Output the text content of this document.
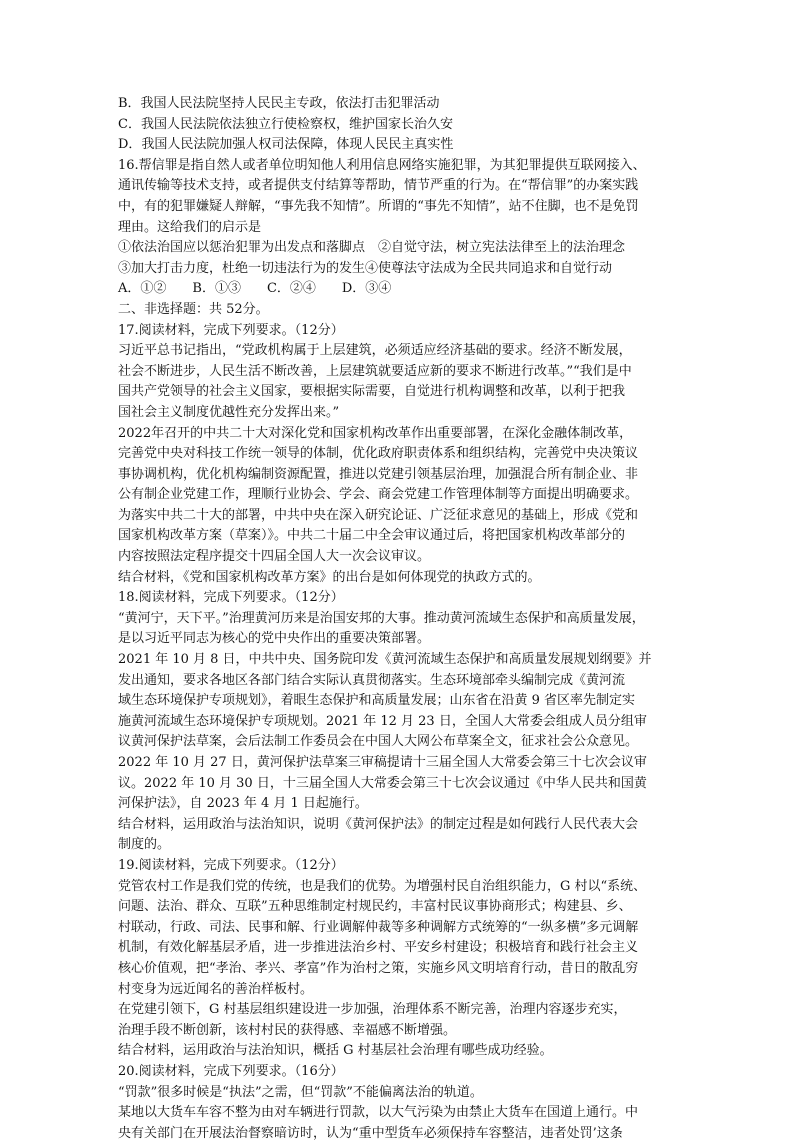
B．我国人民法院坚持人民民主专政，依法打击犯罪活动
C．我国人民法院依法独立行使检察权，维护国家长治久安
D．我国人民法院加强人权司法保障，体现人民民主真实性
16.帮信罪是指自然人或者单位明知他人利用信息网络实施犯罪，为其犯罪提供互联网接入、
通讯传输等技术支持，或者提供支付结算等帮助，情节严重的行为。在“帮信罪”的办案实践
中，有的犯罪嫌疑人辩解，“事先我不知情”。所谓的“事先不知情”，站不住脚，也不是免罚
理由。这给我们的启示是
①依法治国应以惩治犯罪为出发点和落脚点　②自觉守法，树立宪法法律至上的法治理念
③加大打击力度，杜绝一切违法行为的发生④使尊法守法成为全民共同追求和自觉行动
A．①②　　B．①③　　C．②④　　D．③④
二、非选择题：共 52分。
17.阅读材料，完成下列要求。（12分）
习近平总书记指出，“党政机构属于上层建筑，必须适应经济基础的要求。经济不断发展，
社会不断进步，人民生活不断改善，上层建筑就要适应新的要求不断进行改革。”“我们是中
国共产党领导的社会主义国家，要根据实际需要，自觉进行机构调整和改革，以利于把我
国社会主义制度优越性充分发挥出来。”
2022年召开的中共二十大对深化党和国家机构改革作出重要部署，在深化金融体制改革，
完善党中央对科技工作统一领导的体制，优化政府职责体系和组织结构，完善党中央决策议
事协调机构，优化机构编制资源配置，推进以党建引领基层治理，加强混合所有制企业、非
公有制企业党建工作，理顺行业协会、学会、商会党建工作管理体制等方面提出明确要求。
为落实中共二十大的部署，中共中央在深入研究论证、广泛征求意见的基础上，形成《党和
国家机构改革方案（草案）》。中共二十届二中全会审议通过后，将把国家机构改革部分的
内容按照法定程序提交十四届全国人大一次会议审议。
结合材料，《党和国家机构改革方案》的出台是如何体现党的执政方式的。
18.阅读材料，完成下列要求。（12分）
“黄河宁，天下平。”治理黄河历来是治国安邦的大事。推动黄河流域生态保护和高质量发展，
是以习近平同志为核心的党中央作出的重要决策部署。
2021 年 10 月 8 日，中共中央、国务院印发《黄河流域生态保护和高质量发展规划纲要》并
发出通知，要求各地区各部门结合实际认真贯彻落实。生态环境部牵头编制完成《黄河流
域生态环境保护专项规划》，着眼生态保护和高质量发展；山东省在沿黄 9 省区率先制定实
施黄河流域生态环境保护专项规划。2021 年 12 月 23 日，全国人大常委会组成人员分组审
议黄河保护法草案，会后法制工作委员会在中国人大网公布草案全文，征求社会公众意见。
2022 年 10 月 27 日，黄河保护法草案三审稿提请十三届全国人大常委会第三十七次会议审
议。2022 年 10 月 30 日，十三届全国人大常委会第三十七次会议通过《中华人民共和国黄
河保护法》，自 2023 年 4 月 1 日起施行。
结合材料，运用政治与法治知识，说明《黄河保护法》的制定过程是如何践行人民代表大会
制度的。
19.阅读材料，完成下列要求。（12分）
党管农村工作是我们党的传统，也是我们的优势。为增强村民自治组织能力，G 村以“系统、
问题、法治、群众、互联”五种思维制定村规民约，丰富村民议事协商形式；构建县、乡、
村联动，行政、司法、民事和解、行业调解仲裁等多种调解方式统筹的“一纵多横”多元调解
机制，有效化解基层矛盾，进一步推进法治乡村、平安乡村建设；积极培育和践行社会主义
核心价值观，把“孝治、孝兴、孝富”作为治村之策，实施乡风文明培育行动，昔日的散乱穷
村变身为远近闻名的善治样板村。
在党建引领下，G 村基层组织建设进一步加强，治理体系不断完善，治理内容逐步充实，
治理手段不断创新，该村村民的获得感、幸福感不断增强。
结合材料，运用政治与法治知识，概括 G 村基层社会治理有哪些成功经验。
20.阅读材料，完成下列要求。（16分）
“罚款”很多时候是“执法”之需，但“罚款”不能偏离法治的轨道。
某地以大货车车容不整为由对车辆进行罚款，以大气污染为由禁止大货车在国道上通行。中
央有关部门在开展法治督察暗访时，认为“重中型货车必须保持车容整洁，违者处罚’这条
